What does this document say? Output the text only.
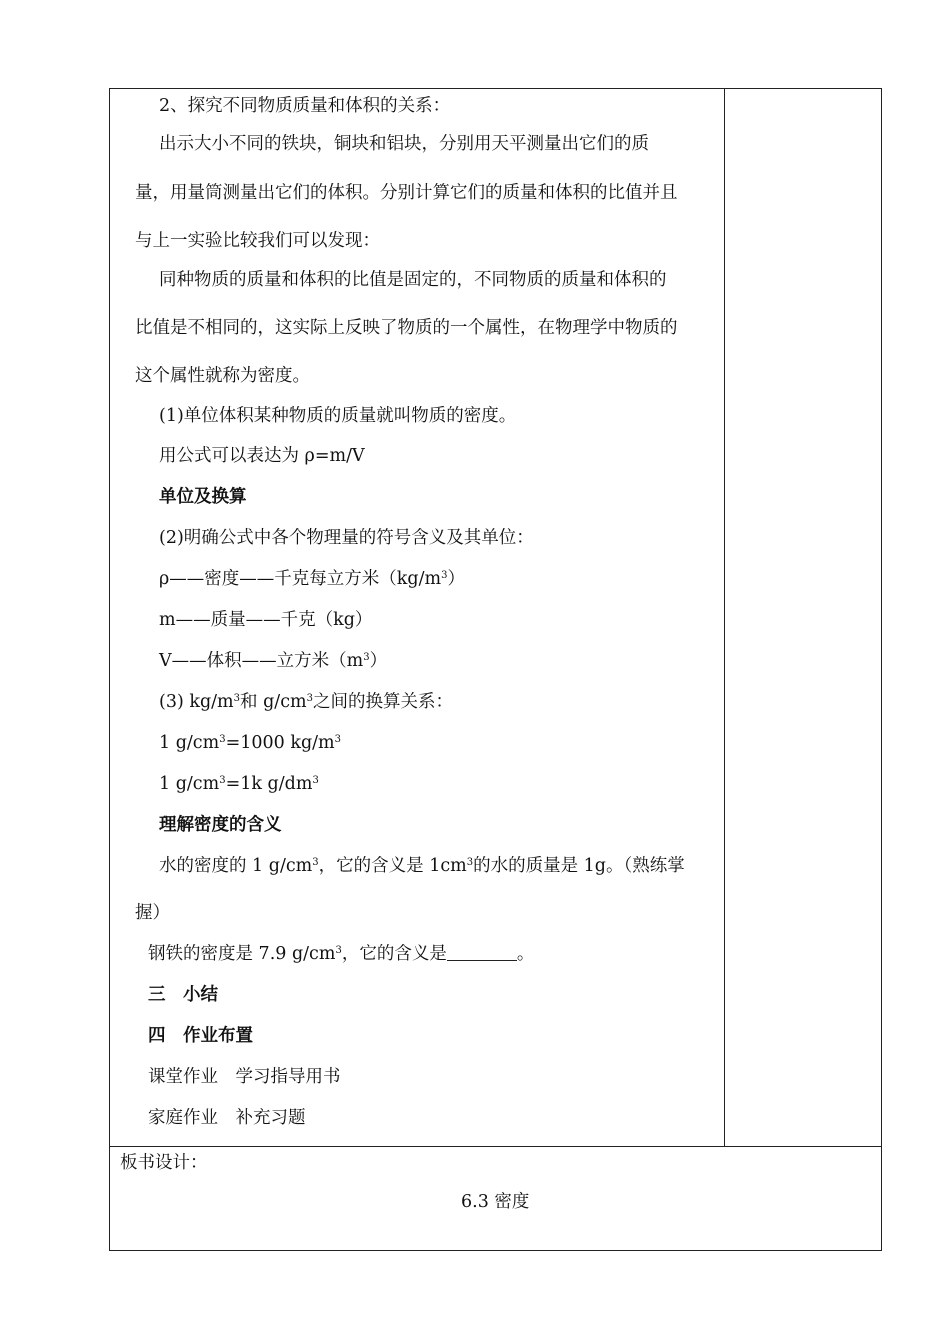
2、探究不同物质质量和体积的关系：
出示大小不同的铁块，铜块和铝块，分别用天平测量出它们的质
量，用量筒测量出它们的体积。分别计算它们的质量和体积的比值并且
与上一实验比较我们可以发现：
同种物质的质量和体积的比值是固定的，不同物质的质量和体积的
比值是不相同的，这实际上反映了物质的一个属性，在物理学中物质的
这个属性就称为密度。
(1)单位体积某种物质的质量就叫物质的密度。
用公式可以表达为 ρ=m/V
单位及换算
(2)明确公式中各个物理量的符号含义及其单位：
ρ——密度——千克每立方米$(kg/m^3)$
m——质量——千克（kg）
V——体积——立方米$(m^3)$
(3) $kg/m^3$和 $g/cm^3$之间的换算关系：
1 $g/cm^3=1000$ $kg/m^3$
1 $g/cm^3=1k$ $g/dm^3$
理解密度的含义
水的密度的 1 $g/cm^3$，它的含义是 $1cm^3$的水的质量是 1g。（熟练掌
握）
钢铁的密度是 7.9 $g/cm^3$，它的含义是	。
三　小结
四　作业布置
课堂作业　学习指导用书
家庭作业　补充习题
板书设计：
6.3 密度
